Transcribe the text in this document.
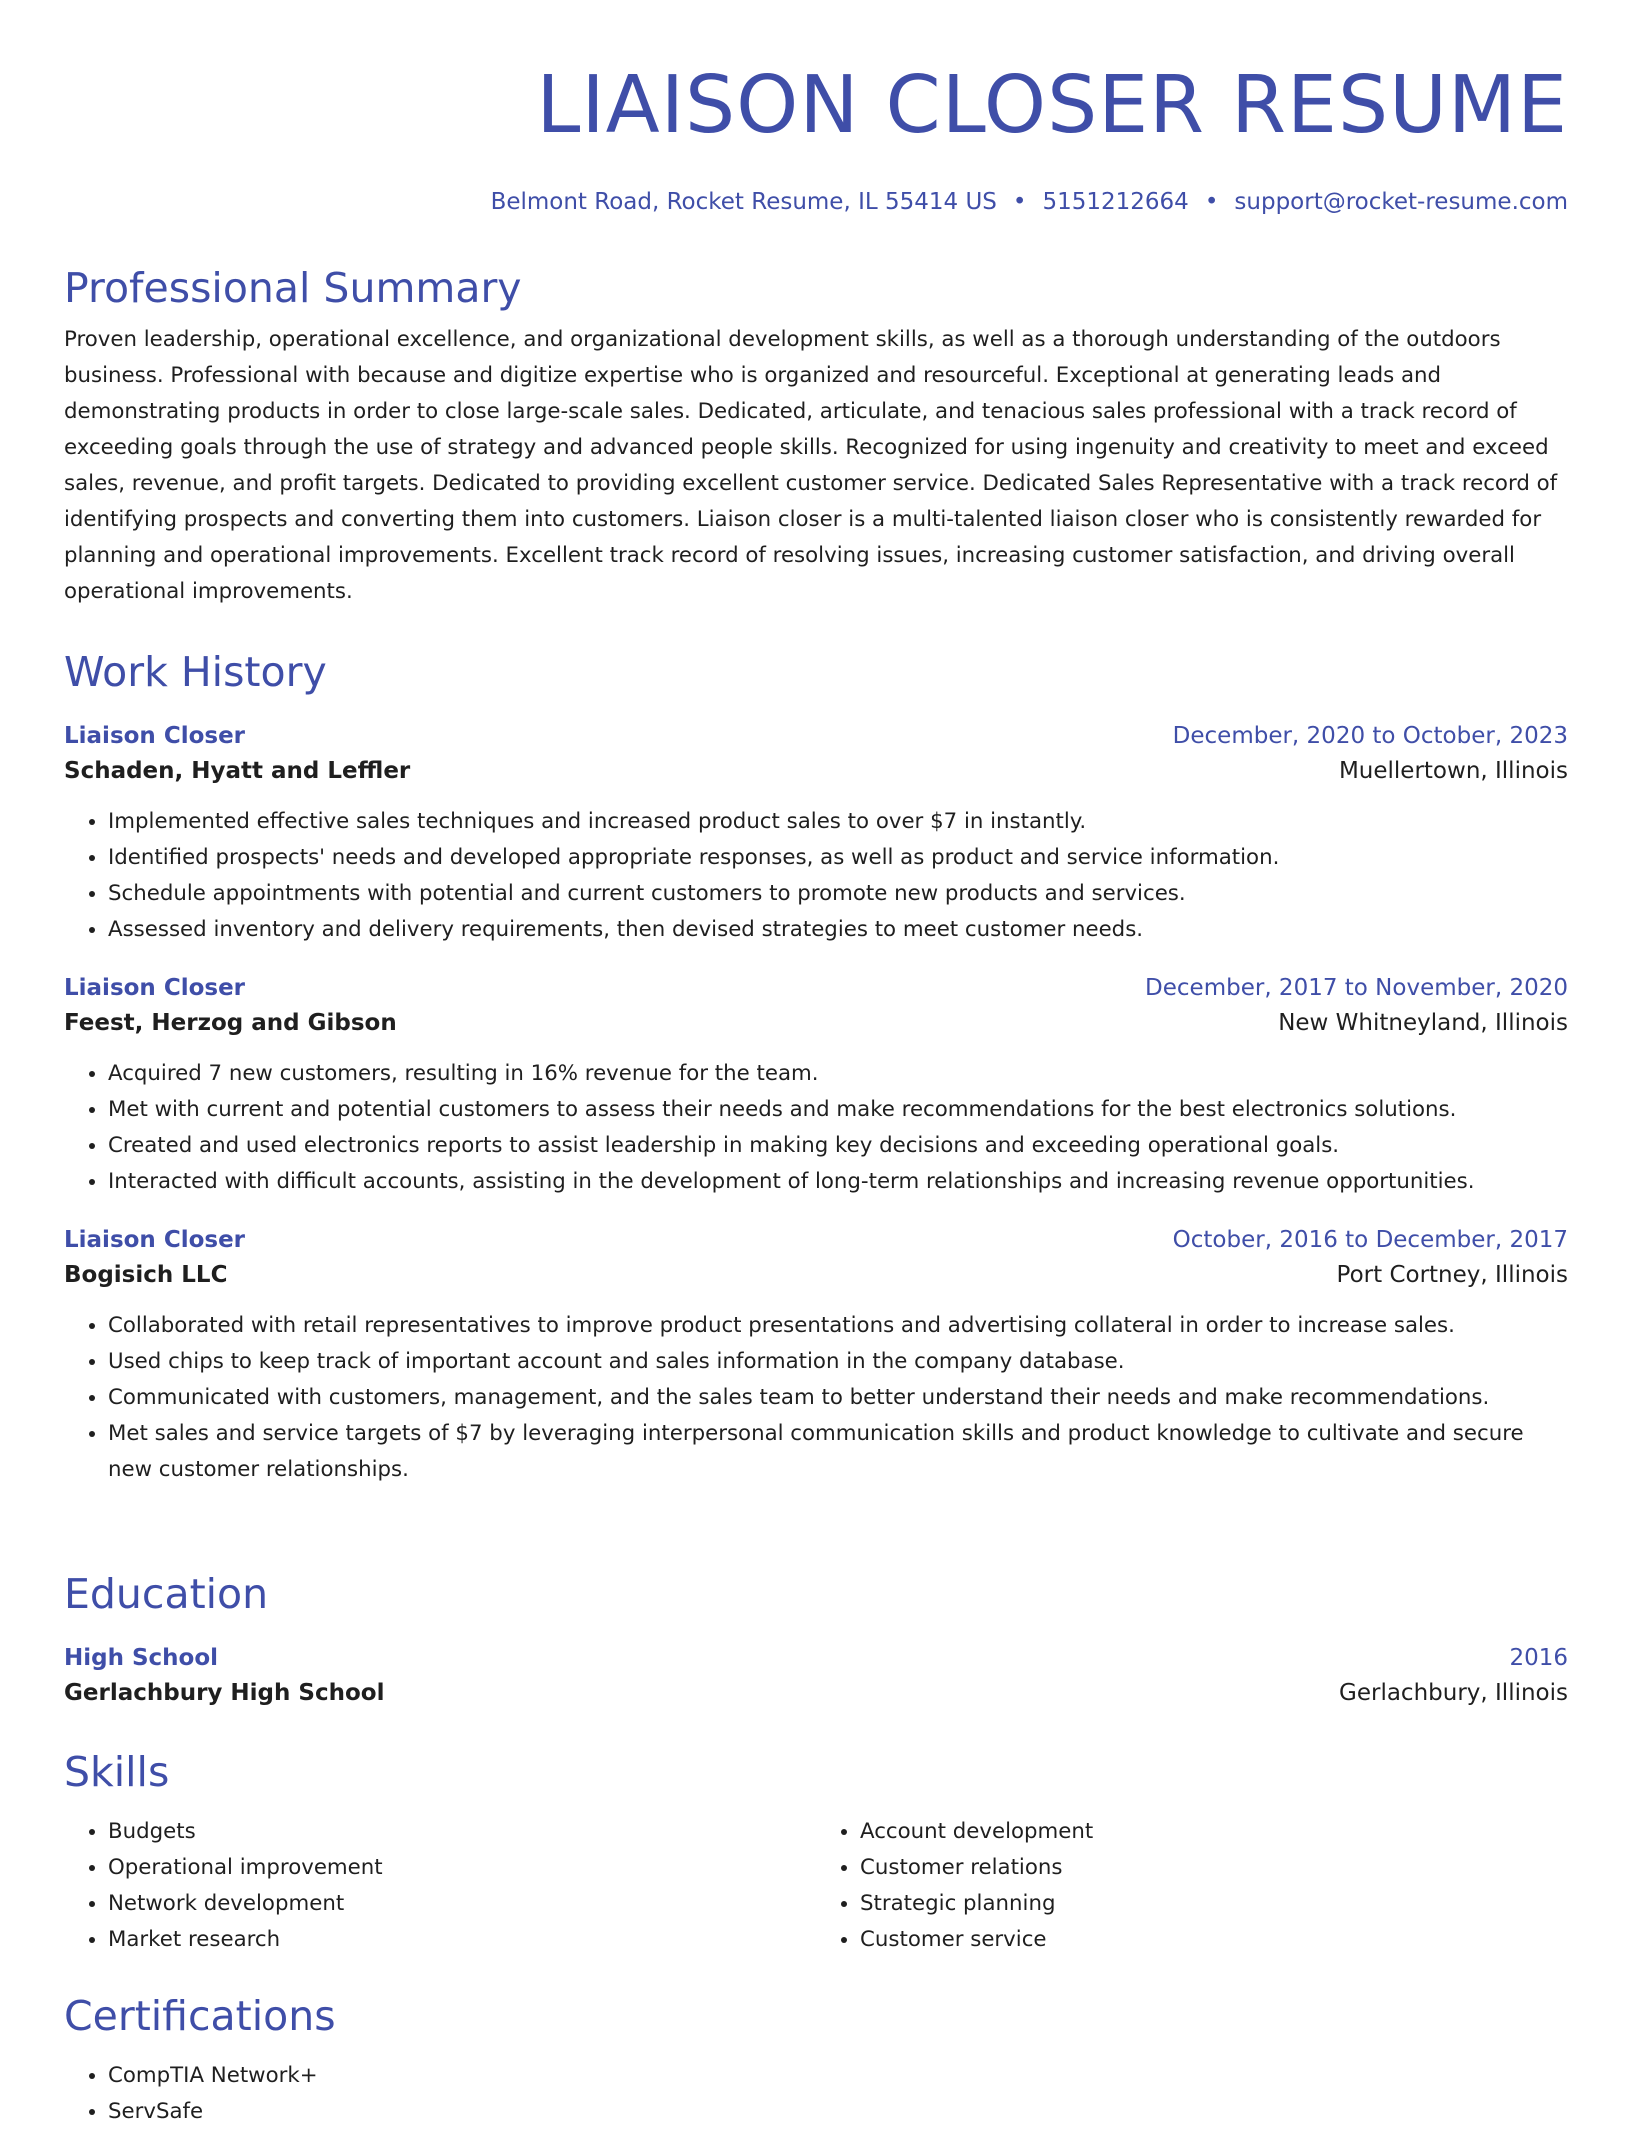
LIAISON CLOSER RESUME
Belmont Road, Rocket Resume, IL 55414 US • 5151212664 • support@rocket-resume.com
Professional Summary

Proven leadership, operational excellence, and organizational development skills, as well as a thorough understanding of the outdoors business. Professional with because and digitize expertise who is organized and resourceful. Exceptional at generating leads and demonstrating products in order to close large-scale sales. Dedicated, articulate, and tenacious sales professional with a track record of exceeding goals through the use of strategy and advanced people skills. Recognized for using ingenuity and creativity to meet and exceed sales, revenue, and profit targets. Dedicated to providing excellent customer service. Dedicated Sales Representative with a track record of identifying prospects and converting them into customers. Liaison closer is a multi-talented liaison closer who is consistently rewarded for planning and operational improvements. Excellent track record of resolving issues, increasing customer satisfaction, and driving overall operational improvements.

Work History
Liaison Closer	December, 2020 to October, 2023
Schaden, Hyatt and Leffler	Muellertown, Illinois
• Implemented effective sales techniques and increased product sales to over $7 in instantly.
• Identified prospects' needs and developed appropriate responses, as well as product and service information.
• Schedule appointments with potential and current customers to promote new products and services.
• Assessed inventory and delivery requirements, then devised strategies to meet customer needs.
Liaison Closer	December, 2017 to November, 2020
Feest, Herzog and Gibson	New Whitneyland, Illinois
• Acquired 7 new customers, resulting in 16% revenue for the team.
• Met with current and potential customers to assess their needs and make recommendations for the best electronics solutions.
• Created and used electronics reports to assist leadership in making key decisions and exceeding operational goals.
• Interacted with difficult accounts, assisting in the development of long-term relationships and increasing revenue opportunities.
Liaison Closer	October, 2016 to December, 2017
Bogisich LLC	Port Cortney, Illinois
• Collaborated with retail representatives to improve product presentations and advertising collateral in order to increase sales.
• Used chips to keep track of important account and sales information in the company database.
• Communicated with customers, management, and the sales team to better understand their needs and make recommendations.
• Met sales and service targets of $7 by leveraging interpersonal communication skills and product knowledge to cultivate and secure new customer relationships.
Education
High School	2016
Gerlachbury High School	Gerlachbury, Illinois
Skills
• Budgets
• Operational improvement
• Network development
• Market research
• Account development
• Customer relations
• Strategic planning
• Customer service
Certifications
• CompTIA Network+
• ServSafe
